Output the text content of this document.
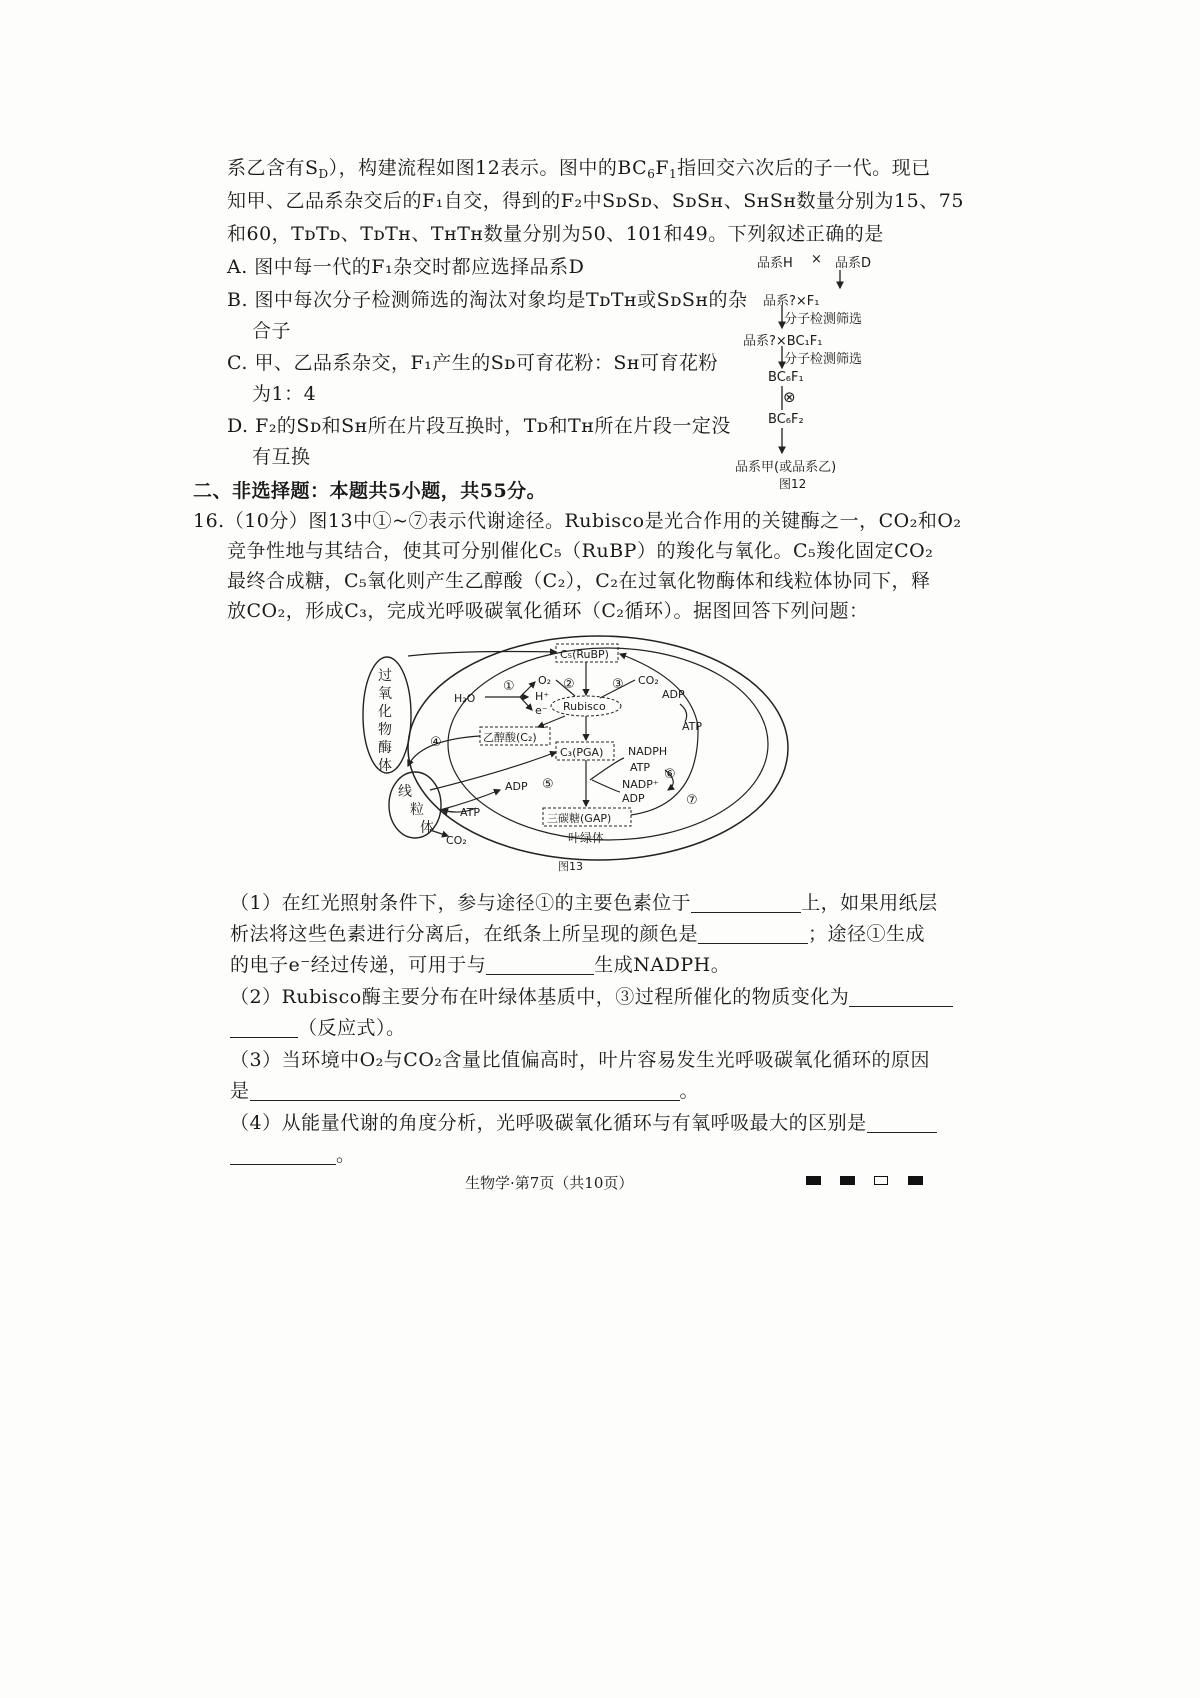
系乙含有$S_D$），构建流程如图12表示。图中的$BC_6F_1$指回交六次后的子一代。现已
知甲、乙品系杂交后的F₁自交，得到的F₂中SᴅSᴅ、SᴅSʜ、SʜSʜ数量分别为15、75
和60，TᴅTᴅ、TᴅTʜ、TʜTʜ数量分别为50、101和49。下列叙述正确的是
A. 图中每一代的F₁杂交时都应选择品系D
B. 图中每次分子检测筛选的淘汰对象均是TᴅTʜ或SᴅSʜ的杂
合子
C. 甲、乙品系杂交，F₁产生的Sᴅ可育花粉：Sʜ可育花粉
为1：4
D. F₂的Sᴅ和Sʜ所在片段互换时，Tᴅ和Tʜ所在片段一定没
有互换
品系H × 品系D
品系?×F₁
分子检测筛选
品系?×BC₁F₁
分子检测筛选
BC₆F₁
⊗
BC₆F₂
品系甲(或品系乙)
图12
二、非选择题：本题共5小题，共55分。
16.（10分）图13中①~⑦表示代谢途径。Rubisco是光合作用的关键酶之一，CO₂和O₂
竞争性地与其结合，使其可分别催化C₅（RuBP）的羧化与氧化。C₅羧化固定CO₂
最终合成糖，C₅氧化则产生乙醇酸（C₂），C₂在过氧化物酶体和线粒体协同下，释
放CO₂，形成C₃，完成光呼吸碳氧化循环（C₂循环）。据图回答下列问题：
过
氧
化
物
酶
体
线
粒
体
C₅(RuBP)
Rubisco
乙醇酸(C₂)
C₃(PGA)
三碳糖(GAP)
O₂	CO₂
H₂O	H⁺
e⁻
ADP
ATP
NADPH
ATP
NADP⁺
ADP
ADP
ATP
CO₂	叶绿体
①	②	③
④
⑤
⑥
⑦
图13
（1）在红光照射条件下，参与途径①的主要色素位于	上，如果用纸层
析法将这些色素进行分离后，在纸条上所呈现的颜色是	；途径①生成
的电子e⁻经过传递，可用于与	生成NADPH。
（2）Rubisco酶主要分布在叶绿体基质中，③过程所催化的物质变化为
（反应式）。
（3）当环境中O₂与CO₂含量比值偏高时，叶片容易发生光呼吸碳氧化循环的原因
是	。
（4）从能量代谢的角度分析，光呼吸碳氧化循环与有氧呼吸最大的区别是
。
生物学·第7页（共10页）
